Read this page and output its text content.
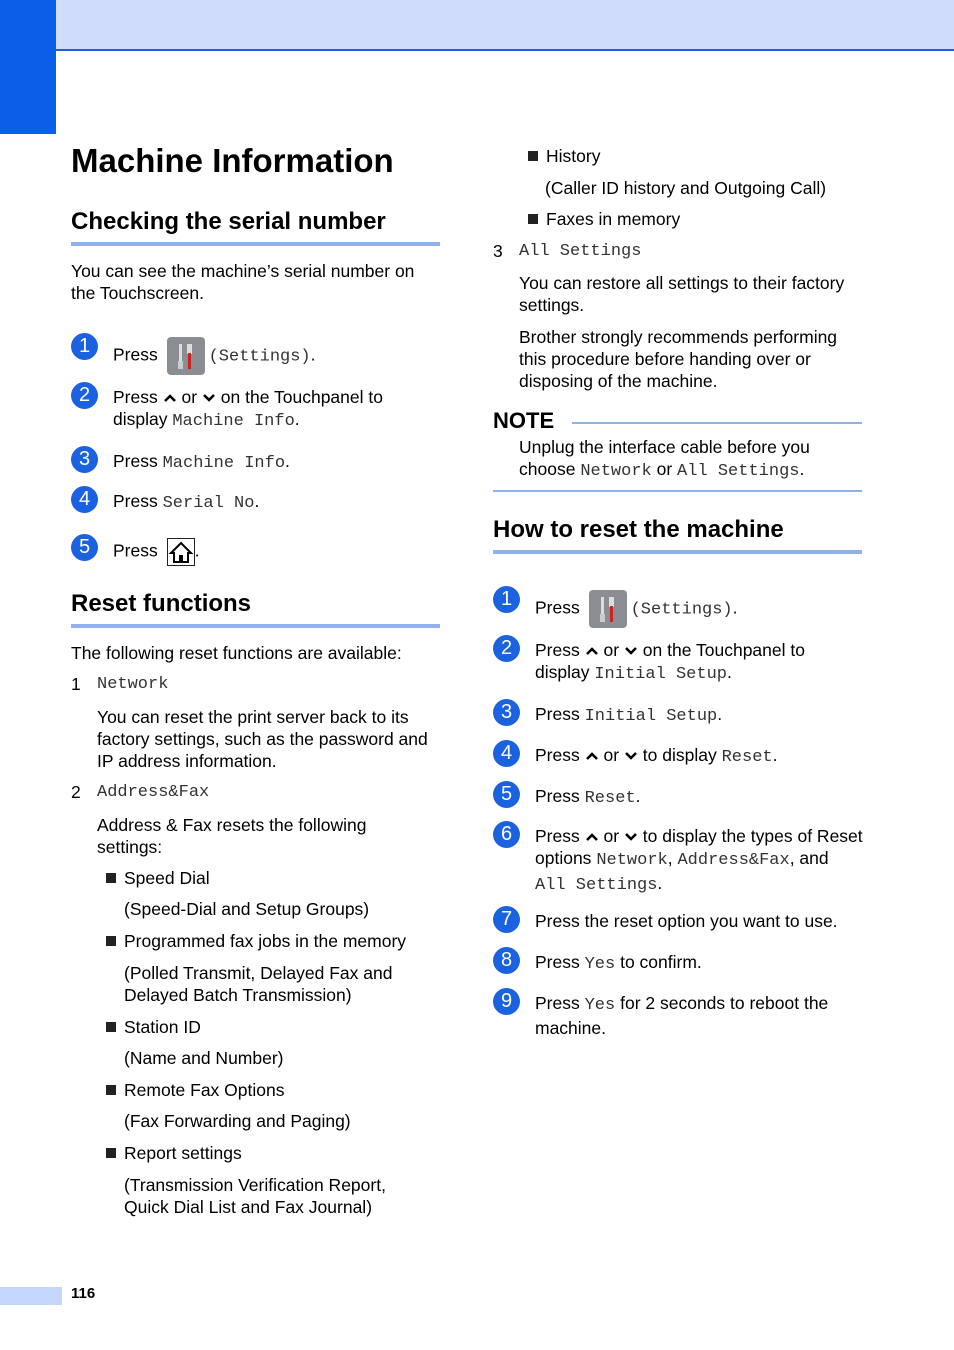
Machine Information
Checking the serial number
You can see the machine’s serial number on the Touchscreen.
1	Press	(Settings).
2	Press or on the Touchpanel to display Machine Info.
3	Press Machine Info.
4	Press Serial No.
5	Press .
Reset functions
The following reset functions are available:
1 Network
You can reset the print server back to its factory settings, such as the password and IP address information.
2 Address&Fax
Address & Fax resets the following settings:
Speed Dial
(Speed-Dial and Setup Groups)
Programmed fax jobs in the memory
(Polled Transmit, Delayed Fax and Delayed Batch Transmission)
Station ID
(Name and Number)
Remote Fax Options
(Fax Forwarding and Paging)
Report settings
(Transmission Verification Report, Quick Dial List and Fax Journal)
History
(Caller ID history and Outgoing Call)
Faxes in memory
3 All Settings
You can restore all settings to their factory settings.
Brother strongly recommends performing this procedure before handing over or disposing of the machine.
NOTE
Unplug the interface cable before you choose Network or All Settings.
How to reset the machine
1	Press	(Settings).
2	Press or on the Touchpanel to display Initial Setup.
3	Press Initial Setup.
4	Press or to display Reset.
5	Press Reset.
6	Press or to display the types of Reset options Network, Address&Fax, and All Settings.
7	Press the reset option you want to use.
8	Press Yes to confirm.
9	Press Yes for 2 seconds to reboot the machine.
116
